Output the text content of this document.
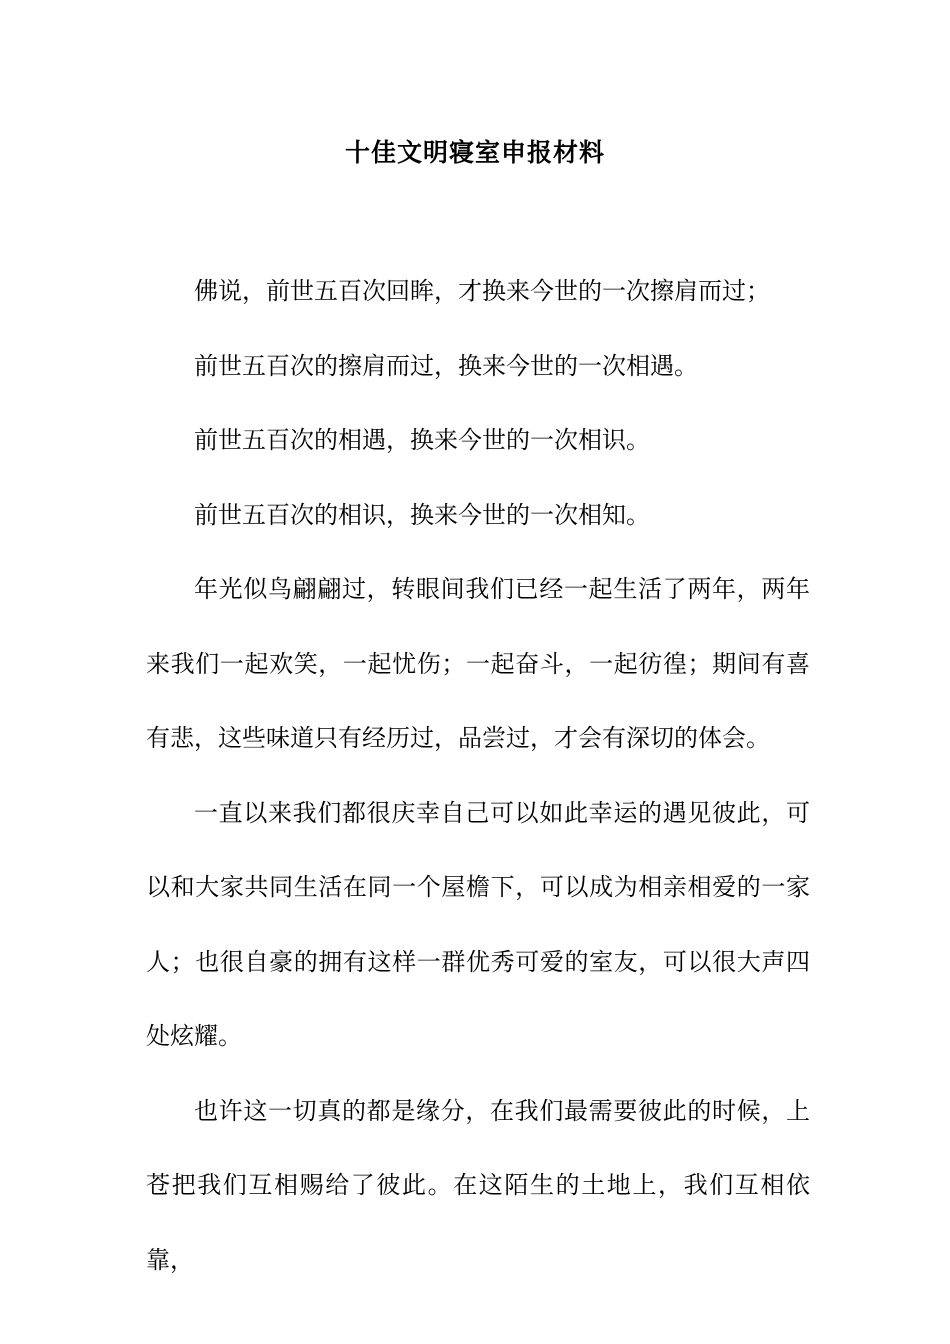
十佳文明寝室申报材料

佛说，前世五百次回眸，才换来今世的一次擦肩而过；

前世五百次的擦肩而过，换来今世的一次相遇。

前世五百次的相遇，换来今世的一次相识。

前世五百次的相识，换来今世的一次相知。

年光似鸟翩翩过，转眼间我们已经一起生活了两年，两年来我们一起欢笑，一起忧伤；一起奋斗，一起彷徨；期间有喜有悲，这些味道只有经历过，品尝过，才会有深切的体会。

一直以来我们都很庆幸自己可以如此幸运的遇见彼此，可以和大家共同生活在同一个屋檐下，可以成为相亲相爱的一家人；也很自豪的拥有这样一群优秀可爱的室友，可以很大声四处炫耀。

也许这一切真的都是缘分，在我们最需要彼此的时候，上苍把我们互相赐给了彼此。在这陌生的土地上，我们互相依靠，
